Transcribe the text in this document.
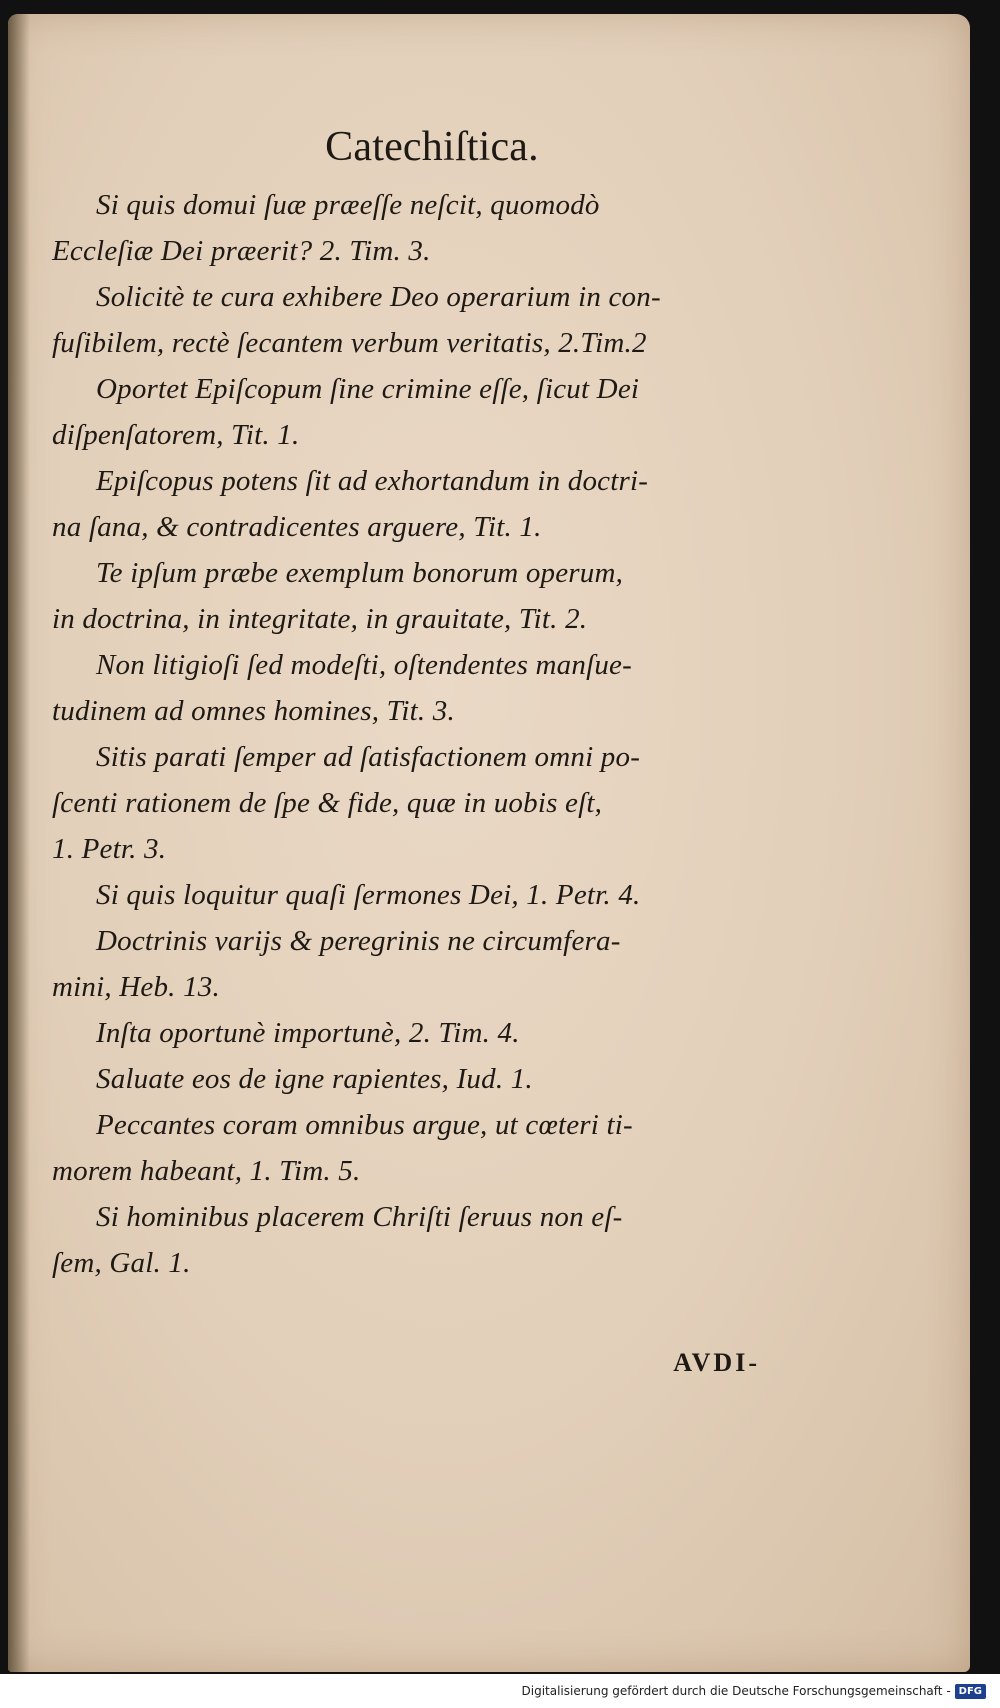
Catechiſtica.
Si quis domui ſuæ præeſſe neſcit, quomodò
Eccleſiæ Dei præerit? 2. Tim. 3.
Solicitè te cura exhibere Deo operarium in con-
fuſibilem, rectè ſecantem verbum veritatis, 2.Tim.2
Oportet Epiſcopum ſine crimine eſſe, ſicut Dei
diſpenſatorem, Tit. 1.
Epiſcopus potens ſit ad exhortandum in doctri-
na ſana, & contradicentes arguere, Tit. 1.
Te ipſum præbe exemplum bonorum operum,
in doctrina, in integritate, in grauitate, Tit. 2.
Non litigioſi ſed modeſti, oſtendentes manſue-
tudinem ad omnes homines, Tit. 3.
Sitis parati ſemper ad ſatisfactionem omni po-
ſcenti rationem de ſpe & fide, quæ in uobis eſt,
1. Petr. 3.
Si quis loquitur quaſi ſermones Dei, 1. Petr. 4.
Doctrinis varijs & peregrinis ne circumfera-
mini, Heb. 13.
Inſta oportunè importunè, 2. Tim. 4.
Saluate eos de igne rapientes, Iud. 1.
Peccantes coram omnibus argue, ut cœteri ti-
morem habeant, 1. Tim. 5.
Si hominibus placerem Chriſti ſeruus non eſ-
ſem, Gal. 1.
AVDI-
Digitalisierung gefördert durch die Deutsche Forschungsgemeinschaft - DFG
